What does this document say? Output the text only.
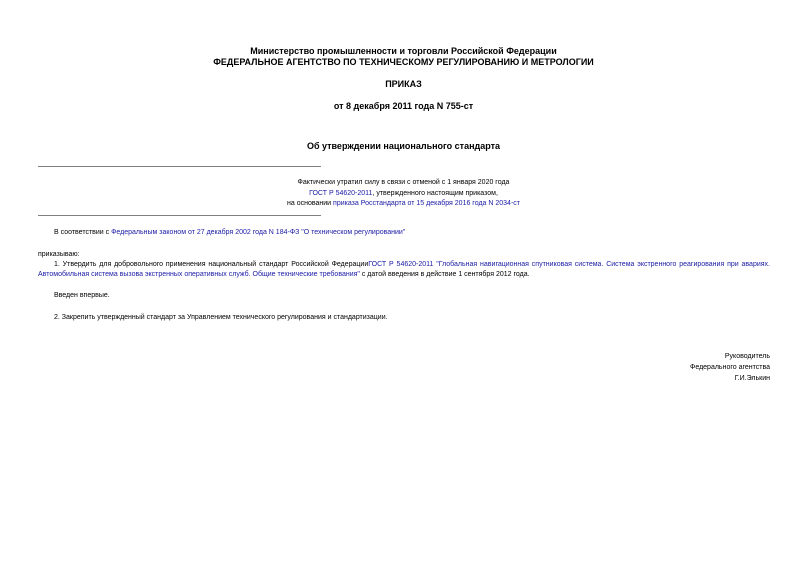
Министерство промышленности и торговли Российской Федерации
ФЕДЕРАЛЬНОЕ АГЕНТСТВО ПО ТЕХНИЧЕСКОМУ РЕГУЛИРОВАНИЮ И МЕТРОЛОГИИ
ПРИКАЗ
от 8 декабря 2011 года N 755-ст
Об утверждении национального стандарта
Фактически утратил силу в связи с отменой с 1 января 2020 года
ГОСТ Р 54620-2011, утвержденного настоящим приказом,
на основании приказа Росстандарта от 15 декабря 2016 года N 2034-ст
В соответствии с Федеральным законом от 27 декабря 2002 года N 184-ФЗ "О техническом регулировании"
приказываю:
1. Утвердить для добровольного применения национальный стандарт Российской ФедерацииГОСТ Р 54620-2011 "Глобальная навигационная спутниковая система. Система экстренного реагирования при авариях. Автомобильная система вызова экстренных оперативных служб. Общие технические требования" с датой введения в действие 1 сентября 2012 года.
Введен впервые.
2. Закрепить утвержденный стандарт за Управлением технического регулирования и стандартизации.
Руководитель
Федерального агентства
Г.И.Элькин
